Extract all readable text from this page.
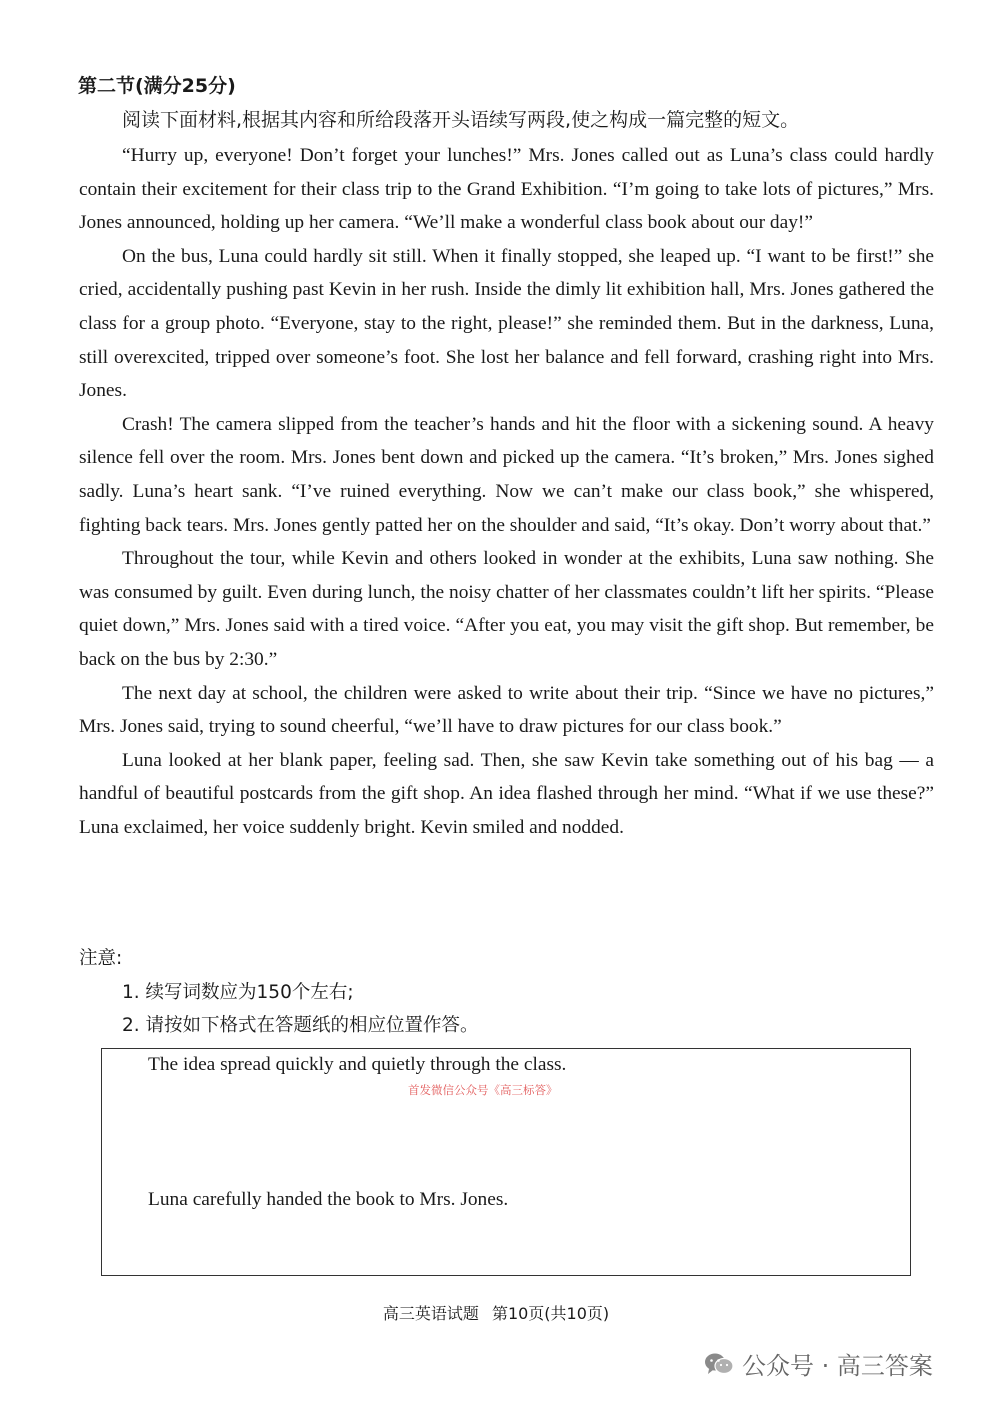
第二节(满分25分)
阅读下面材料,根据其内容和所给段落开头语续写两段,使之构成一篇完整的短文。

“Hurry up, everyone! Don’t forget your lunches!” Mrs. Jones called out as Luna’s class could hardly contain their excitement for their class trip to the Grand Exhibition. “I’m going to take lots of pictures,” Mrs. Jones announced, holding up her camera. “We’ll make a wonderful class book about our day!”

On the bus, Luna could hardly sit still. When it finally stopped, she leaped up. “I want to be first!” she cried, accidentally pushing past Kevin in her rush. Inside the dimly lit exhibition hall, Mrs. Jones gathered the class for a group photo. “Everyone, stay to the right, please!” she reminded them. But in the darkness, Luna, still overexcited, tripped over someone’s foot. She lost her balance and fell forward, crashing right into Mrs. Jones.

Crash! The camera slipped from the teacher’s hands and hit the floor with a sickening sound. A heavy silence fell over the room. Mrs. Jones bent down and picked up the camera. “It’s broken,” Mrs. Jones sighed sadly. Luna’s heart sank. “I’ve ruined everything. Now we can’t make our class book,” she whispered, fighting back tears. Mrs. Jones gently patted her on the shoulder and said, “It’s okay. Don’t worry about that.”

Throughout the tour, while Kevin and others looked in wonder at the exhibits, Luna saw nothing. She was consumed by guilt. Even during lunch, the noisy chatter of her classmates couldn’t lift her spirits. “Please quiet down,” Mrs. Jones said with a tired voice. “After you eat, you may visit the gift shop. But remember, be back on the bus by 2:30.”

The next day at school, the children were asked to write about their trip. “Since we have no pictures,” Mrs. Jones said, trying to sound cheerful, “we’ll have to draw pictures for our class book.”

Luna looked at her blank paper, feeling sad. Then, she saw Kevin take something out of his bag — a handful of beautiful postcards from the gift shop. An idea flashed through her mind. “What if we use these?” Luna exclaimed, her voice suddenly bright. Kevin smiled and nodded.

注意:
1. 续写词数应为150个左右;
2. 请按如下格式在答题纸的相应位置作答。
The idea spread quickly and quietly through the class.
首发微信公众号《高三标答》
Luna carefully handed the book to Mrs. Jones.
高三英语试题 第10页(共10页)
公众号 · 高三答案
